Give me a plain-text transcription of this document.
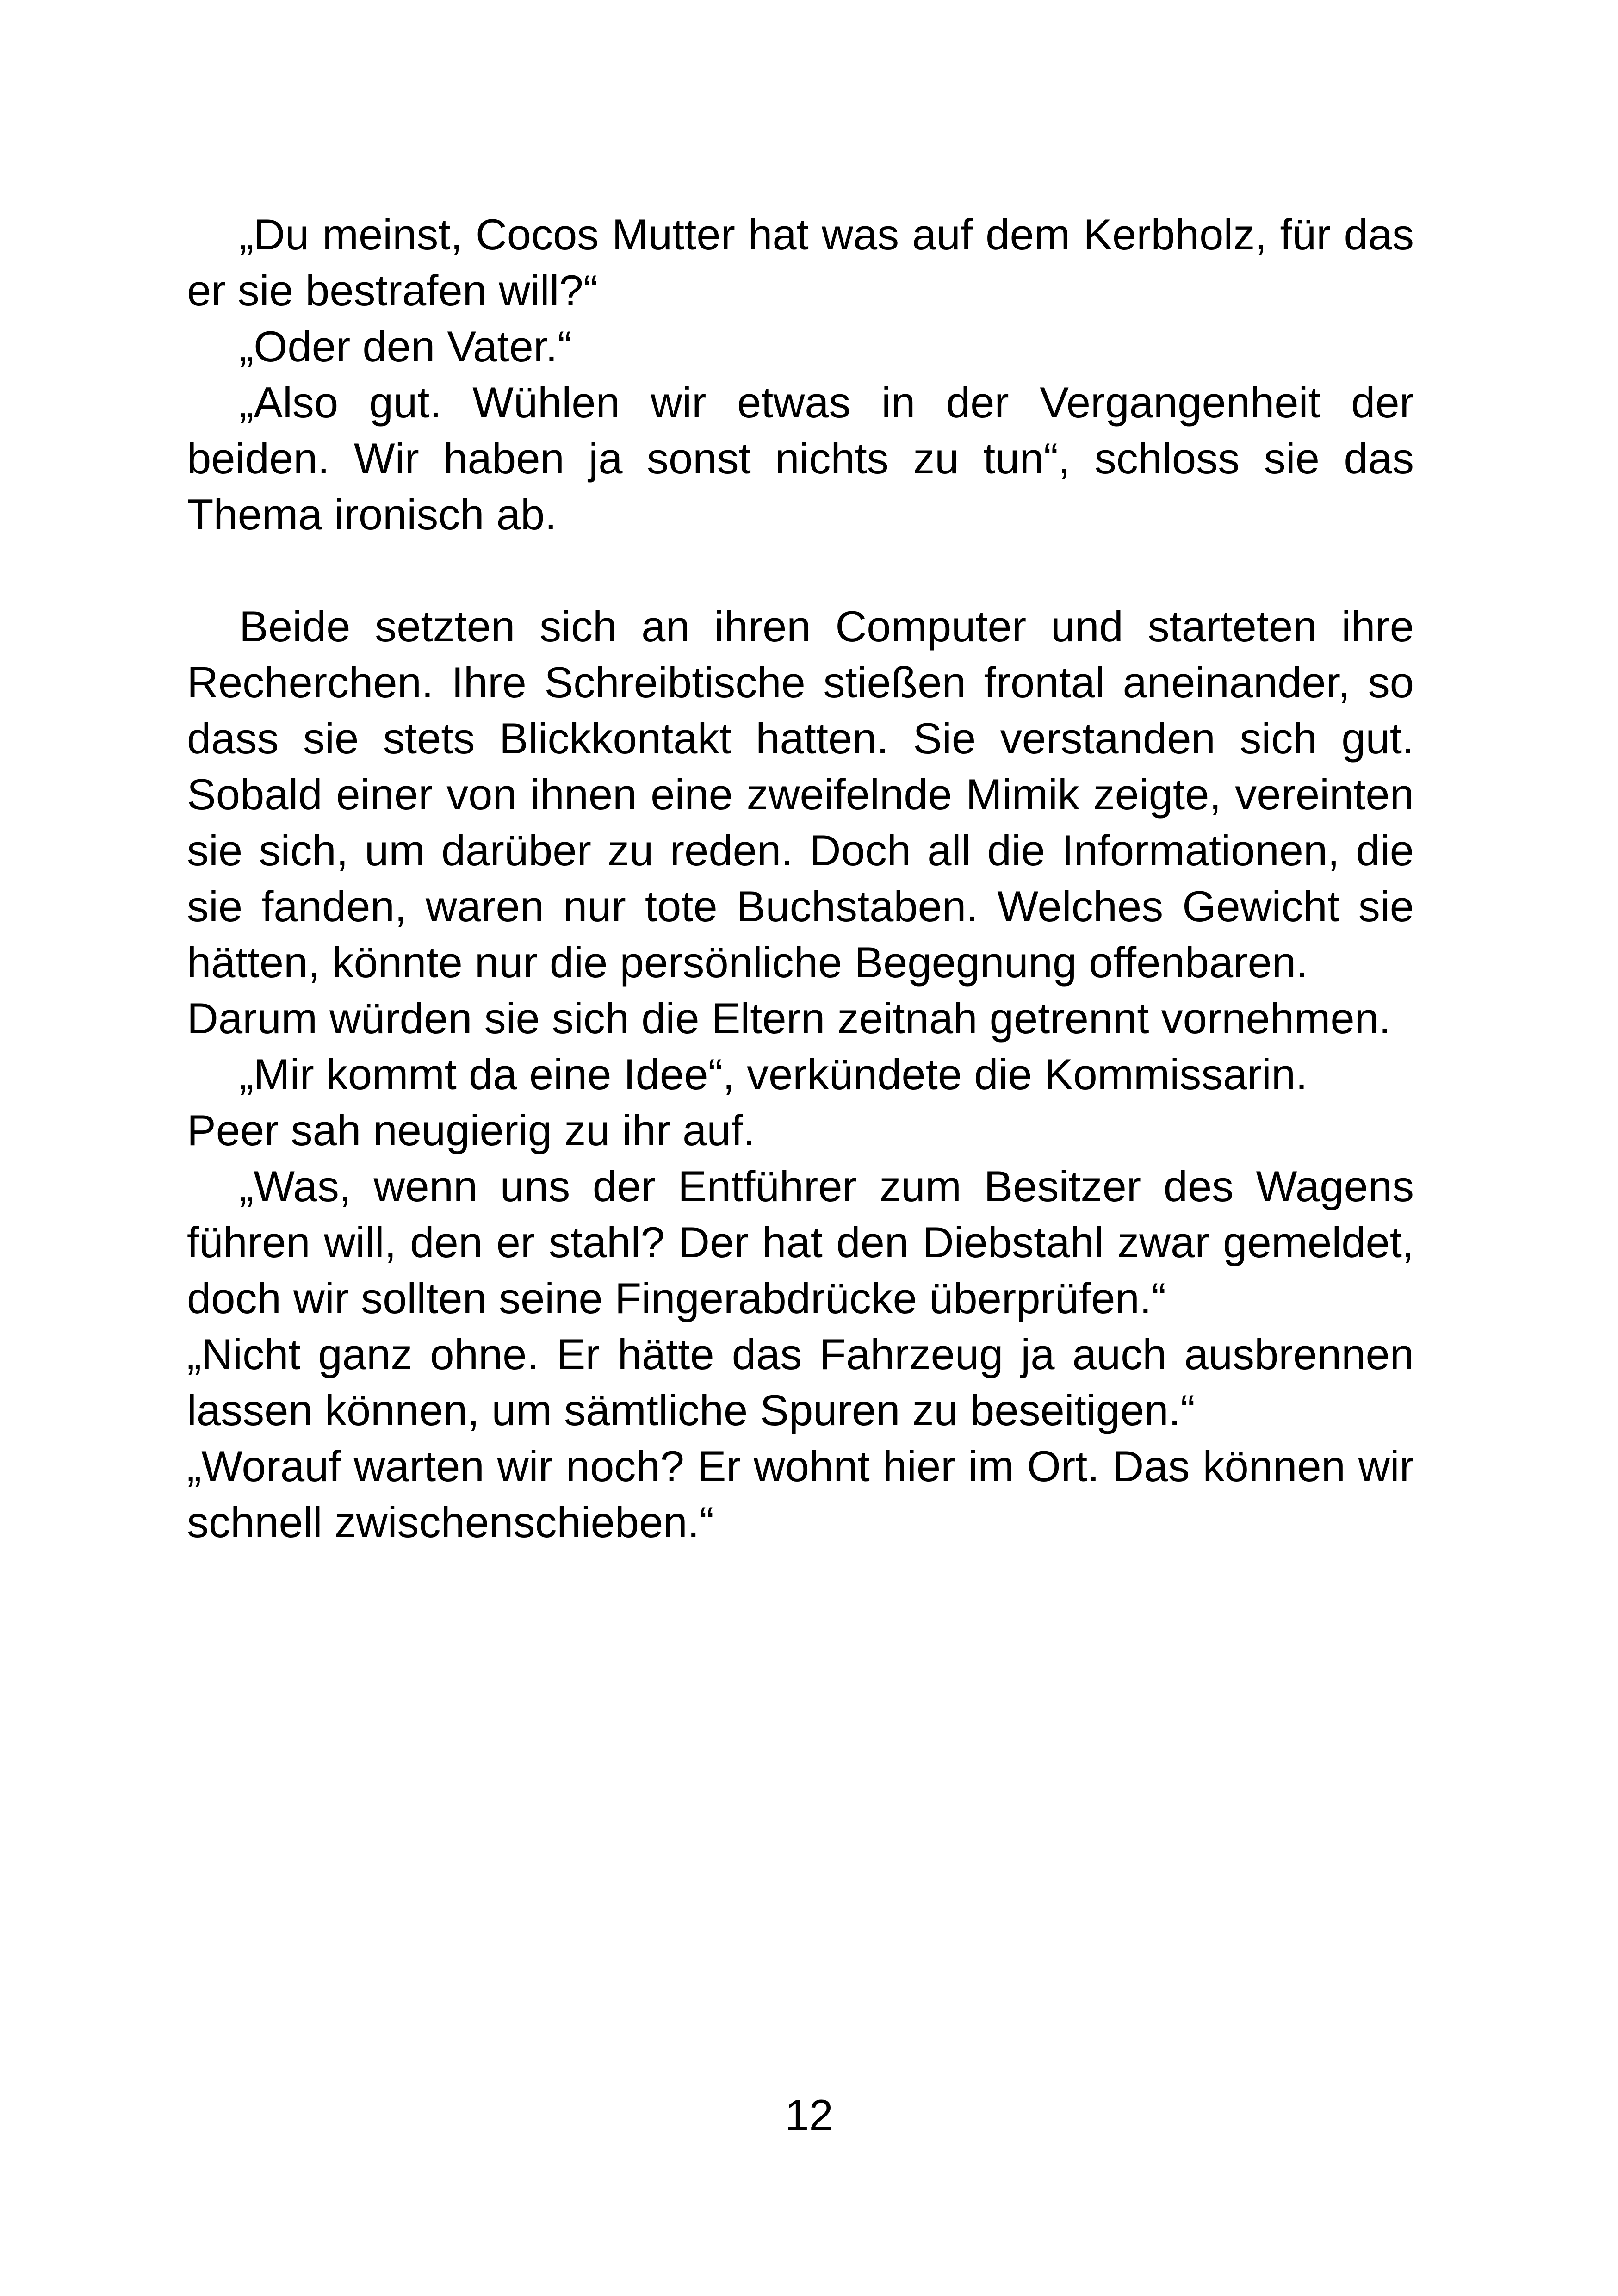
„Du meinst, Cocos Mutter hat was auf dem Kerbholz, für das er sie bestrafen will?“

„Oder den Vater.“

„Also gut. Wühlen wir etwas in der Vergangenheit der beiden. Wir haben ja sonst nichts zu tun“, schloss sie das Thema ironisch ab.

Beide setzten sich an ihren Computer und starteten ihre Recherchen. Ihre Schreibtische stießen frontal aneinander, so dass sie stets Blickkontakt hatten. Sie verstanden sich gut. Sobald einer von ihnen eine zweifelnde Mimik zeigte, vereinten sie sich, um darüber zu reden. Doch all die Informationen, die sie fanden, waren nur tote Buchstaben. Welches Gewicht sie hätten, könnte nur die persönliche Begegnung offenbaren.

Darum würden sie sich die Eltern zeitnah getrennt vornehmen.

„Mir kommt da eine Idee“, verkündete die Kommissarin.

Peer sah neugierig zu ihr auf.

„Was, wenn uns der Entführer zum Besitzer des Wagens führen will, den er stahl? Der hat den Diebstahl zwar gemeldet, doch wir sollten seine Fingerabdrücke überprüfen.“

„Nicht ganz ohne. Er hätte das Fahrzeug ja auch ausbrennen lassen können, um sämtliche Spuren zu beseitigen.“

„Worauf warten wir noch? Er wohnt hier im Ort. Das können wir schnell zwischenschieben.“

12
